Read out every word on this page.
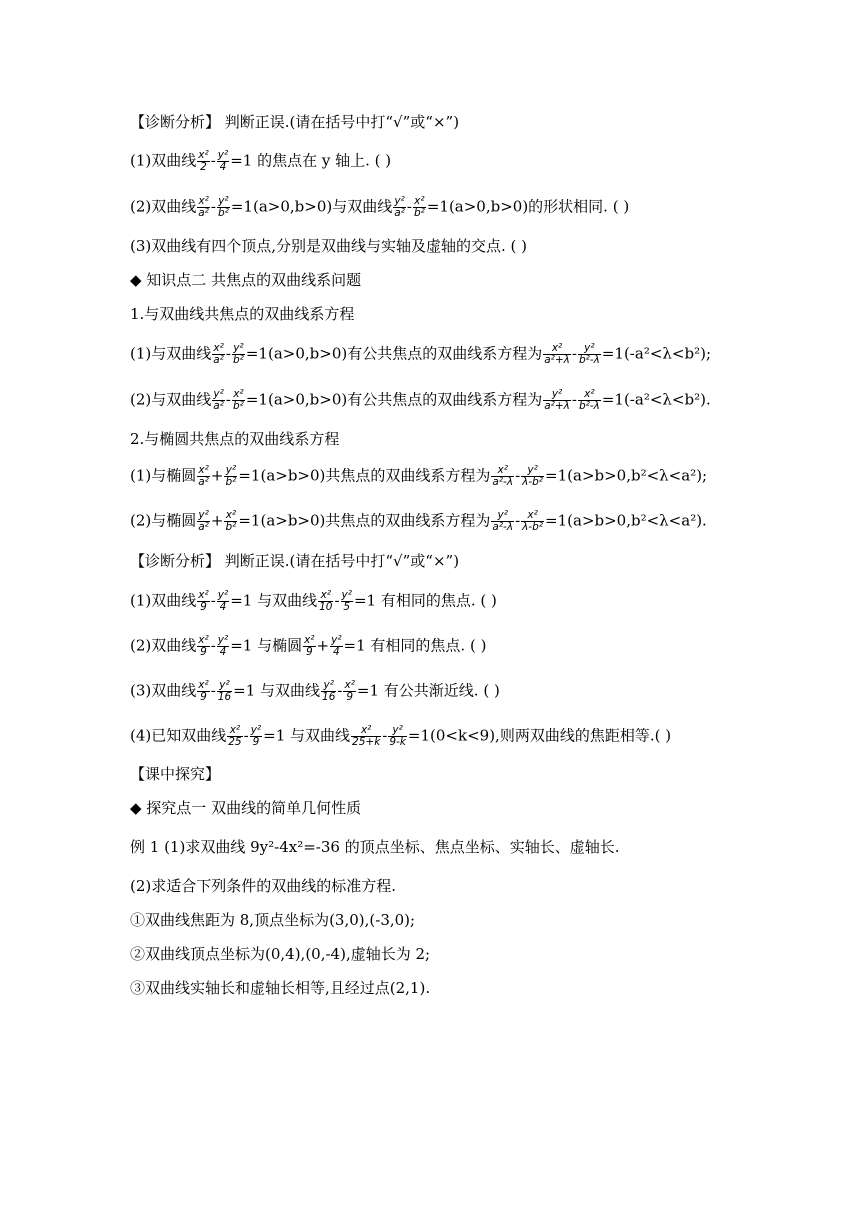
【诊断分析】 判断正误.(请在括号中打“√”或“×”)
(1)双曲线 $\frac{\text{x²}}{2} - \frac{\text{y²}}{4} =1$ 的焦点在 y 轴上. ( )
(2)双曲线 $\frac{\text{x²}}{\text{a²}} - \frac{\text{y²}}{\text{b²}} =1(a>0,b>0)$与双曲线 $\frac{\text{y²}}{\text{a²}} - \frac{\text{x²}}{\text{b²}} =1(a>0,b>0)$的形状相同. ( )
(3)双曲线有四个顶点,分别是双曲线与实轴及虚轴的交点. ( )
◆ 知识点二 共焦点的双曲线系问题
1.与双曲线共焦点的双曲线系方程
(1)与双曲线 $\frac{\text{x²}}{\text{a²}} - \frac{\text{y²}}{\text{b²}} =1(a>0,b>0)$有公共焦点的双曲线系方程为 $\frac{\text{x²}}{\text{a²+λ}} - \frac{\text{y²}}{\text{b²-λ}} =1(-a^2<\lambda<b^2)$;
(2)与双曲线 $\frac{\text{y²}}{\text{a²}} - \frac{\text{x²}}{\text{b²}} =1(a>0,b>0)$有公共焦点的双曲线系方程为 $\frac{\text{y²}}{\text{a²+λ}} - \frac{\text{x²}}{\text{b²-λ}} =1(-a^2<\lambda<b^2)$.
2.与椭圆共焦点的双曲线系方程
(1)与椭圆 $\frac{\text{x²}}{\text{a²}} + \frac{\text{y²}}{\text{b²}} =1(a>b>0)$共焦点的双曲线系方程为 $\frac{\text{x²}}{\text{a²-λ}} - \frac{\text{y²}}{\text{λ-b²}} =1(a>b>0,b^2<\lambda<a^2)$;
(2)与椭圆 $\frac{\text{y²}}{\text{a²}} + \frac{\text{x²}}{\text{b²}} =1(a>b>0)$共焦点的双曲线系方程为 $\frac{\text{y²}}{\text{a²-λ}} - \frac{\text{x²}}{\text{λ-b²}} =1(a>b>0,b^2<\lambda<a^2)$.
【诊断分析】 判断正误.(请在括号中打“√”或“×”)
(1)双曲线 $\frac{\text{x²}}{9} - \frac{\text{y²}}{4} =1$ 与双曲线 $\frac{\text{x²}}{10} - \frac{\text{y²}}{5} =1$ 有相同的焦点. ( )
(2)双曲线 $\frac{\text{x²}}{9} - \frac{\text{y²}}{4} =1$ 与椭圆 $\frac{\text{x²}}{9} + \frac{\text{y²}}{4} =1$ 有相同的焦点. ( )
(3)双曲线 $\frac{\text{x²}}{9} - \frac{\text{y²}}{16} =1$ 与双曲线 $\frac{\text{y²}}{16} - \frac{\text{x²}}{9} =1$ 有公共渐近线. ( )
(4)已知双曲线 $\frac{\text{x²}}{25} - \frac{\text{y²}}{9} =1$ 与双曲线 $\frac{\text{x²}}{25+k} - \frac{\text{y²}}{9-k} =1(0<k<9)$,则两双曲线的焦距相等.( )
【课中探究】
◆ 探究点一 双曲线的简单几何性质
例 1 (1)求双曲线 9y²-4x²=-36 的顶点坐标、焦点坐标、实轴长、虚轴长.
(2)求适合下列条件的双曲线的标准方程.
①双曲线焦距为 8,顶点坐标为(3,0),(-3,0);
②双曲线顶点坐标为(0,4),(0,-4),虚轴长为 2;
③双曲线实轴长和虚轴长相等,且经过点(2,1).
